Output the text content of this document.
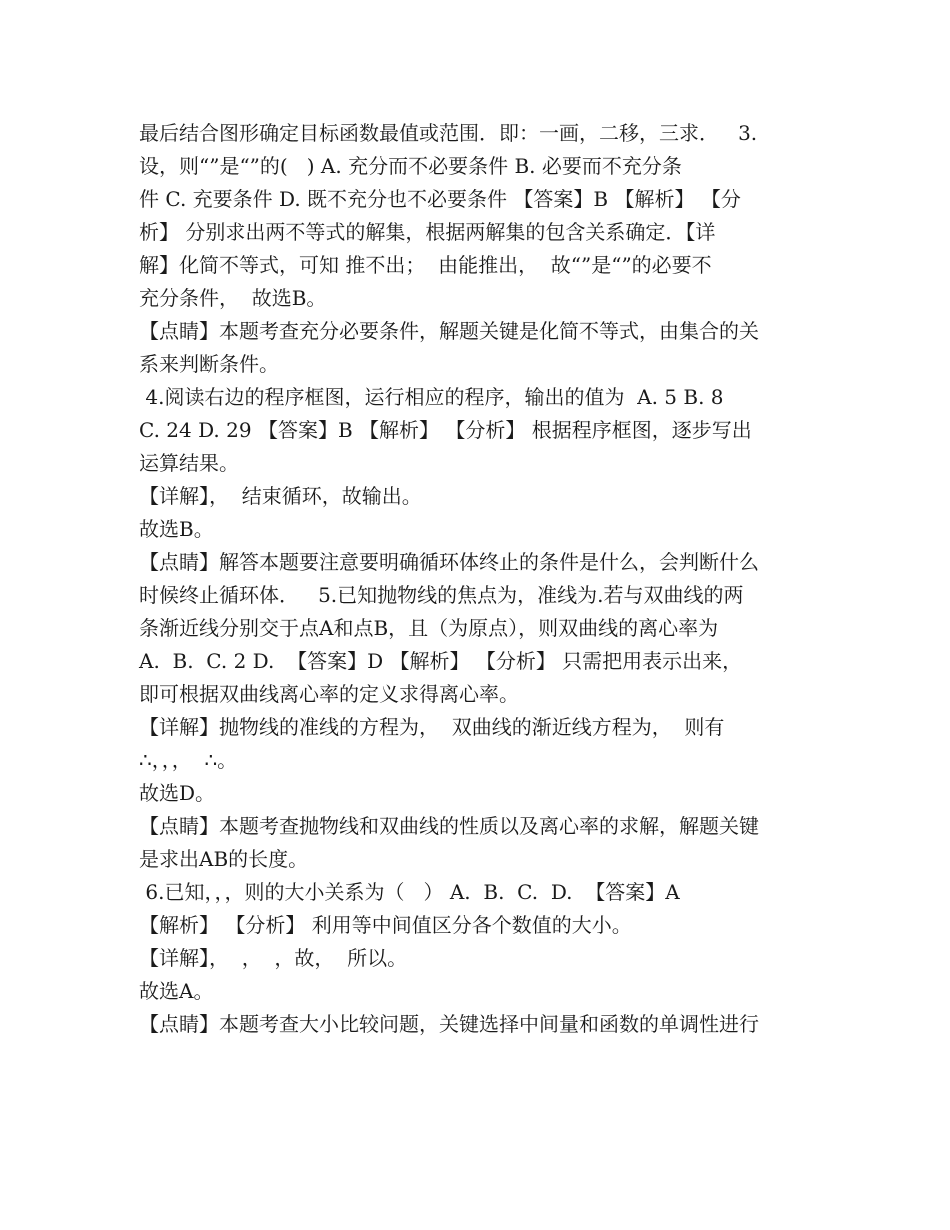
最后结合图形确定目标函数最值或范围．即：一画，二移，三求．   3.
设，则“”是“”的(   ) A. 充分而不必要条件 B. 必要而不充分条
件 C. 充要条件 D. 既不充分也不必要条件 【答案】B 【解析】 【分
析】 分别求出两不等式的解集，根据两解集的包含关系确定．【详
解】化简不等式，可知 推不出；  由能推出，  故“”是“”的必要不
充分条件，  故选B。
【点睛】本题考查充分必要条件，解题关键是化简不等式，由集合的关
系来判断条件。
4.阅读右边的程序框图，运行相应的程序，输出的值为  A. 5 B. 8
C. 24 D. 29 【答案】B 【解析】 【分析】 根据程序框图，逐步写出
运算结果。
【详解】，  结束循环，故输出。
故选B。
【点睛】解答本题要注意要明确循环体终止的条件是什么，会判断什么
时候终止循环体．   5.已知抛物线的焦点为，准线为.若与双曲线的两
条渐近线分别交于点A和点B，且（为原点），则双曲线的离心率为
A.  B.  C. 2 D.  【答案】D 【解析】 【分析】 只需把用表示出来，
即可根据双曲线离心率的定义求得离心率。
【详解】抛物线的准线的方程为，  双曲线的渐近线方程为，  则有
∴，，，  ∴。
故选D。
【点睛】本题考查抛物线和双曲线的性质以及离心率的求解，解题关键
是求出AB的长度。
6.已知，，，则的大小关系为（   ） A.  B.  C.  D.  【答案】A
【解析】 【分析】 利用等中间值区分各个数值的大小。
【详解】，  ，  ，故，  所以。
故选A。
【点睛】本题考查大小比较问题，关键选择中间量和函数的单调性进行
